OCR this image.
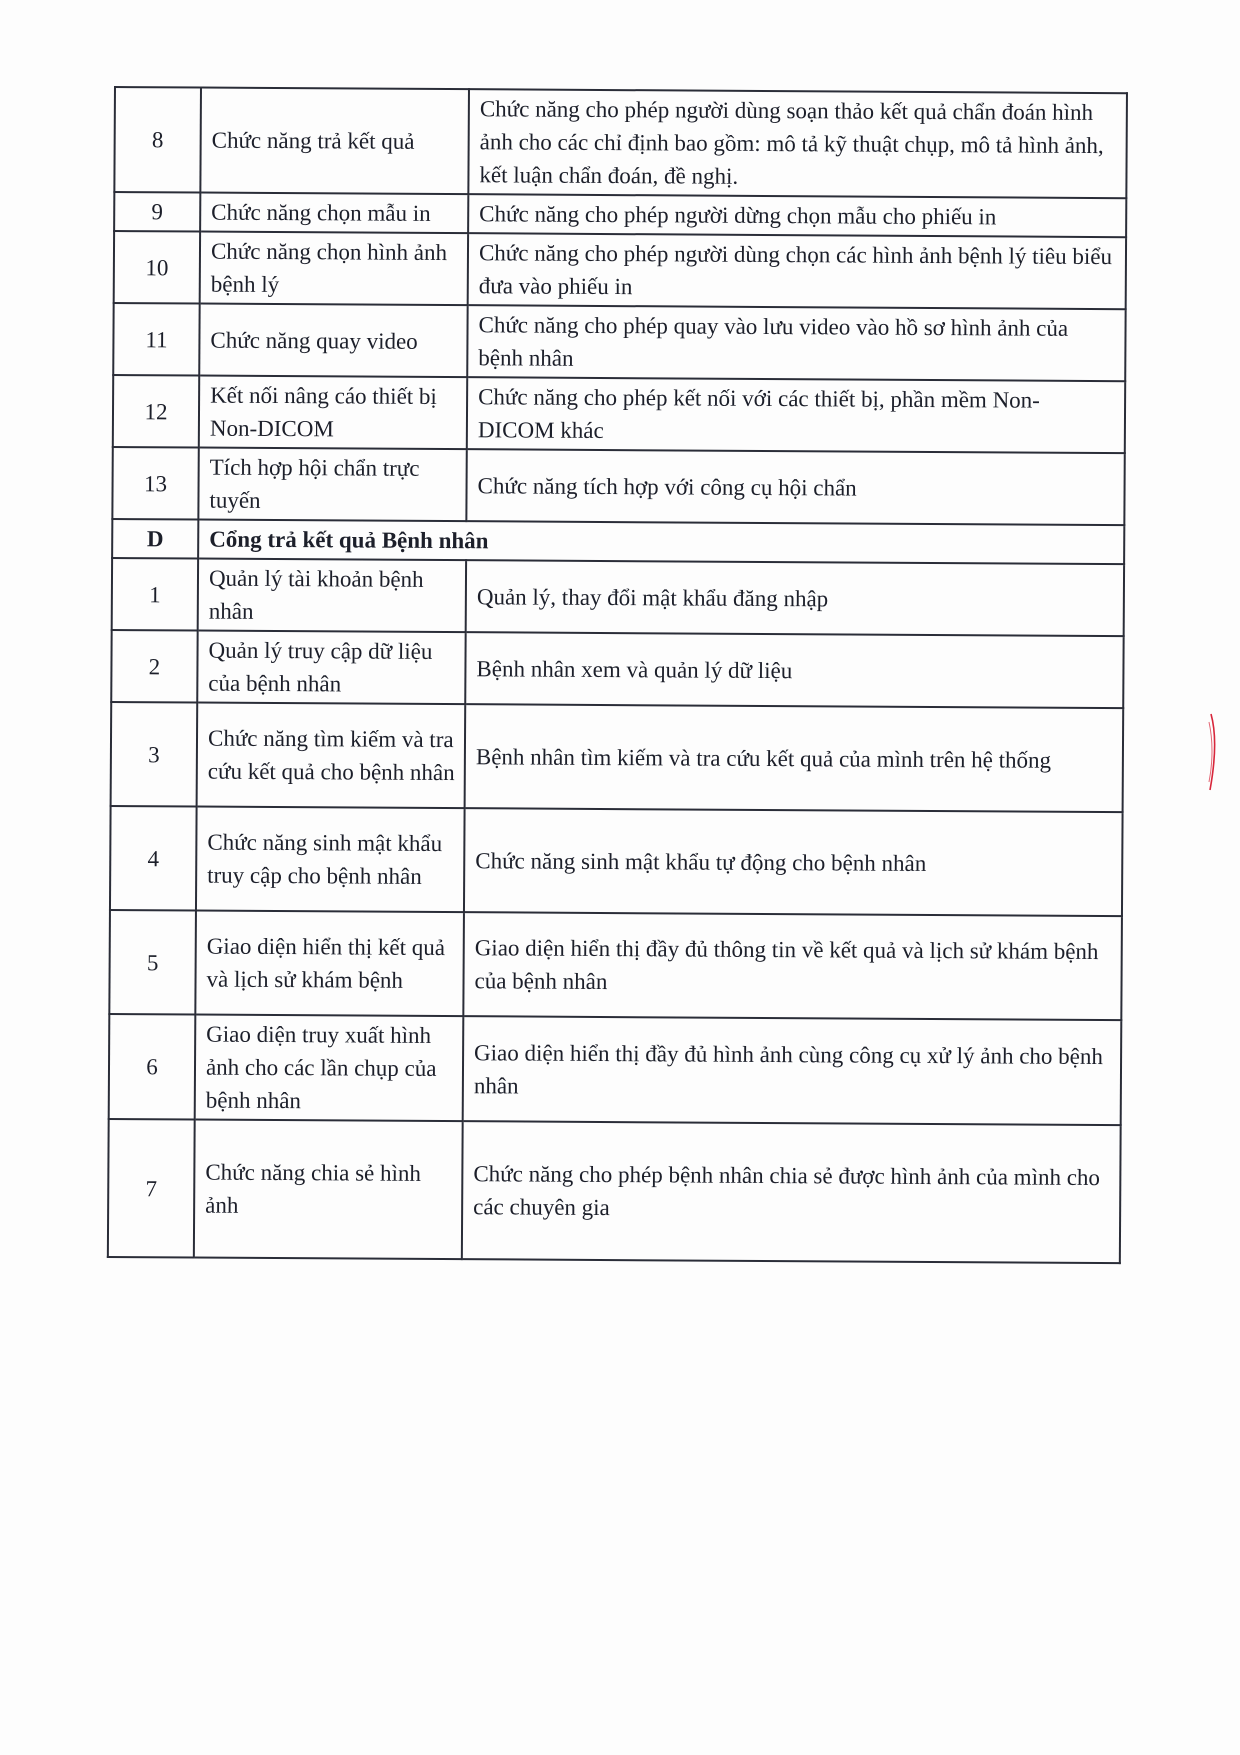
8	Chức năng trả kết quả	Chức năng cho phép người dùng soạn thảo kết quả chẩn đoán hình ảnh cho các chỉ định bao gồm: mô tả kỹ thuật chụp, mô tả hình ảnh, kết luận chẩn đoán, đề nghị.
9	Chức năng chọn mẫu in	Chức năng cho phép người dừng chọn mẫu cho phiếu in
10	Chức năng chọn hình ảnh bệnh lý	Chức năng cho phép người dùng chọn các hình ảnh bệnh lý tiêu biểu đưa vào phiếu in
11	Chức năng quay video	Chức năng cho phép quay vào lưu video vào hồ sơ hình ảnh của bệnh nhân
12	Kết nối nâng cáo thiết bị Non-DICOM	Chức năng cho phép kết nối với các thiết bị, phần mềm Non-DICOM khác
13	Tích hợp hội chẩn trực tuyến	Chức năng tích hợp với công cụ hội chẩn
D	Cổng trả kết quả Bệnh nhân	
1	Quản lý tài khoản bệnh nhân	Quản lý, thay đổi mật khẩu đăng nhập
2	Quản lý truy cập dữ liệu của bệnh nhân	Bệnh nhân xem và quản lý dữ liệu
3	Chức năng tìm kiếm và tra cứu kết quả cho bệnh nhân	Bệnh nhân tìm kiếm và tra cứu kết quả của mình trên hệ thống
4	Chức năng sinh mật khẩu truy cập cho bệnh nhân	Chức năng sinh mật khẩu tự động cho bệnh nhân
5	Giao diện hiển thị kết quả và lịch sử khám bệnh	Giao diện hiển thị đầy đủ thông tin về kết quả và lịch sử khám bệnh của bệnh nhân
6	Giao diện truy xuất hình ảnh cho các lần chụp của bệnh nhân	Giao diện hiển thị đầy đủ hình ảnh cùng công cụ xử lý ảnh cho bệnh nhân
7	Chức năng chia sẻ hình ảnh	Chức năng cho phép bệnh nhân chia sẻ được hình ảnh của mình cho các chuyên gia
